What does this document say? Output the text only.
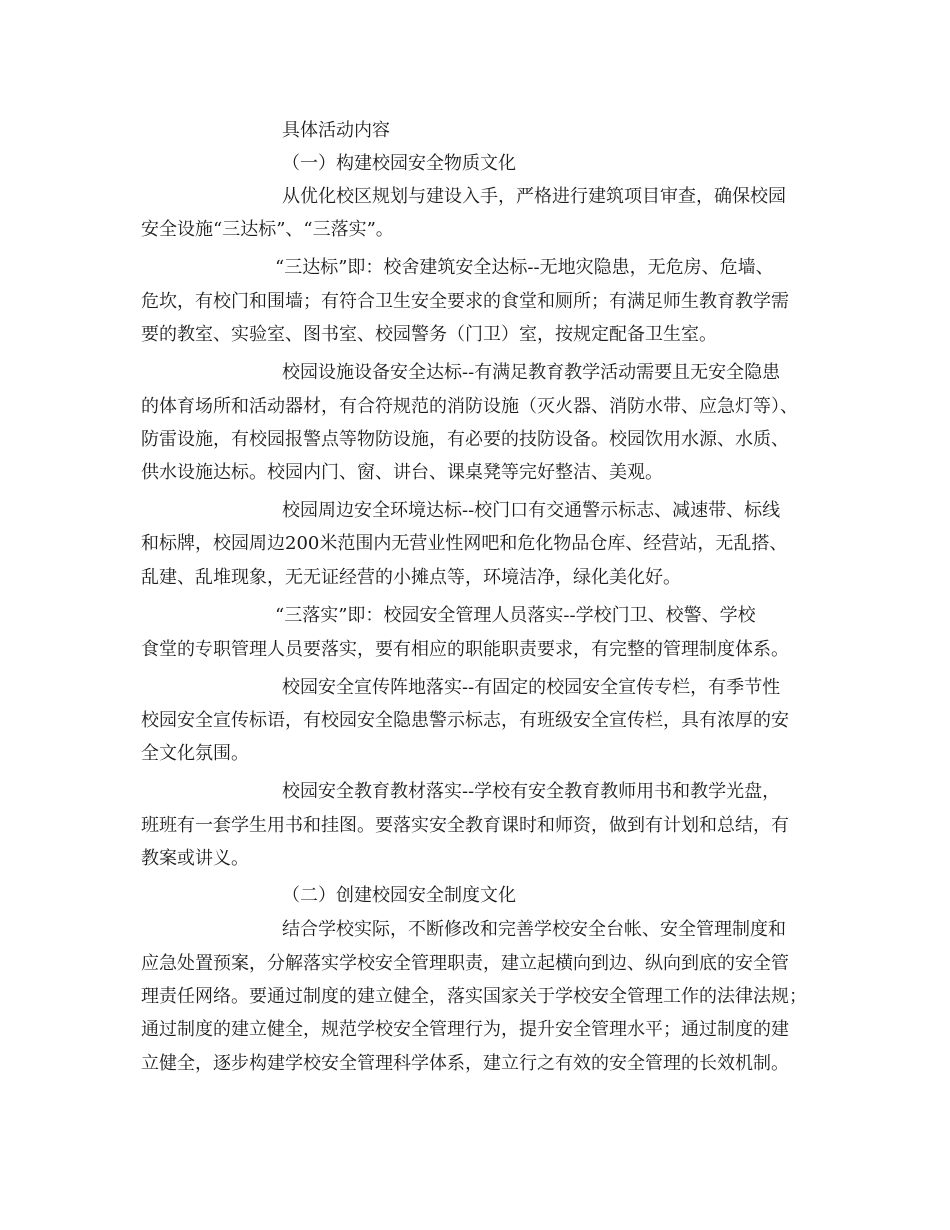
具体活动内容
（一）构建校园安全物质文化
从优化校区规划与建设入手，严格进行建筑项目审查，确保校园
安全设施“三达标”、“三落实”。
“三达标”即：校舍建筑安全达标--无地灾隐患，无危房、危墙、
危坎，有校门和围墙；有符合卫生安全要求的食堂和厕所；有满足师生教育教学需
要的教室、实验室、图书室、校园警务（门卫）室，按规定配备卫生室。
校园设施设备安全达标--有满足教育教学活动需要且无安全隐患
的体育场所和活动器材，有合符规范的消防设施（灭火器、消防水带、应急灯等）、
防雷设施，有校园报警点等物防设施，有必要的技防设备。校园饮用水源、水质、
供水设施达标。校园内门、窗、讲台、课桌凳等完好整洁、美观。
校园周边安全环境达标--校门口有交通警示标志、减速带、标线
和标牌，校园周边200米范围内无营业性网吧和危化物品仓库、经营站，无乱搭、
乱建、乱堆现象，无无证经营的小摊点等，环境洁净，绿化美化好。
“三落实”即：校园安全管理人员落实--学校门卫、校警、学校
食堂的专职管理人员要落实，要有相应的职能职责要求，有完整的管理制度体系。
校园安全宣传阵地落实--有固定的校园安全宣传专栏，有季节性
校园安全宣传标语，有校园安全隐患警示标志，有班级安全宣传栏，具有浓厚的安
全文化氛围。
校园安全教育教材落实--学校有安全教育教师用书和教学光盘，
班班有一套学生用书和挂图。要落实安全教育课时和师资，做到有计划和总结，有
教案或讲义。
（二）创建校园安全制度文化
结合学校实际，不断修改和完善学校安全台帐、安全管理制度和
应急处置预案，分解落实学校安全管理职责，建立起横向到边、纵向到底的安全管
理责任网络。要通过制度的建立健全，落实国家关于学校安全管理工作的法律法规；
通过制度的建立健全，规范学校安全管理行为，提升安全管理水平；通过制度的建
立健全，逐步构建学校安全管理科学体系，建立行之有效的安全管理的长效机制。
